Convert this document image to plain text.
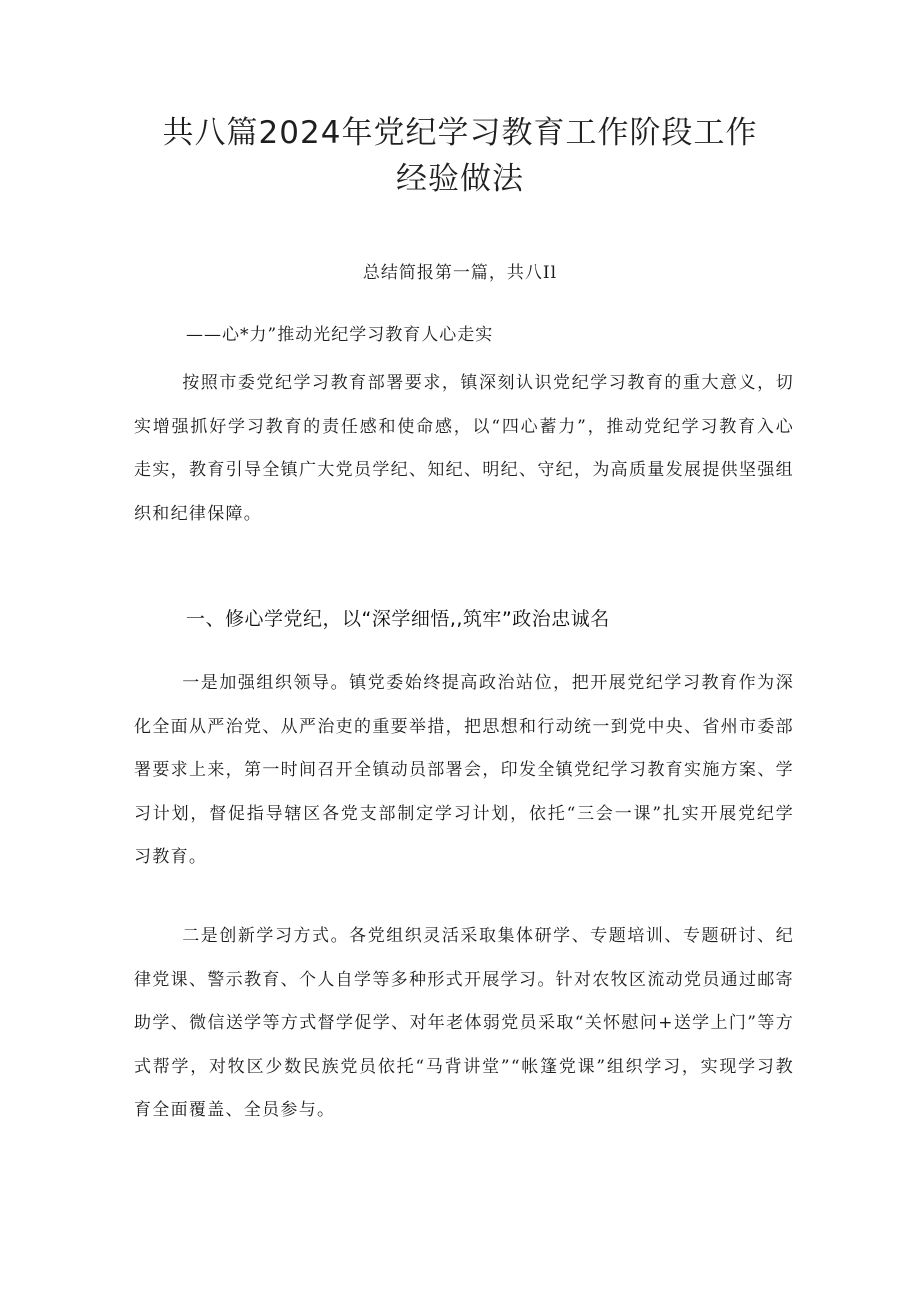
共八篇2024年党纪学习教育工作阶段工作
经验做法
总结简报第一篇，共八Il
——心*力”推动光纪学习教育人心走实
按照市委党纪学习教育部署要求，镇深刻认识党纪学习教育的重大意义，切实增强抓好学习教育的责任感和使命感，以“四心蓄力”，推动党纪学习教育入心走实，教育引导全镇广大党员学纪、知纪、明纪、守纪，为高质量发展提供坚强组织和纪律保障。
一、修心学党纪，以“深学细悟,,筑牢”政治忠诚名
一是加强组织领导。镇党委始终提高政治站位，把开展党纪学习教育作为深化全面从严治党、从严治吏的重要举措，把思想和行动统一到党中央、省州市委部署要求上来，第一时间召开全镇动员部署会，印发全镇党纪学习教育实施方案、学习计划，督促指导辖区各党支部制定学习计划，依托“三会一课”扎实开展党纪学习教育。
二是创新学习方式。各党组织灵活采取集体研学、专题培训、专题研讨、纪律党课、警示教育、个人自学等多种形式开展学习。针对农牧区流动党员通过邮寄助学、微信送学等方式督学促学、对年老体弱党员采取“关怀慰问+送学上门”等方式帮学，对牧区少数民族党员依托“马背讲堂”“帐篷党课”组织学习，实现学习教育全面覆盖、全员参与。
